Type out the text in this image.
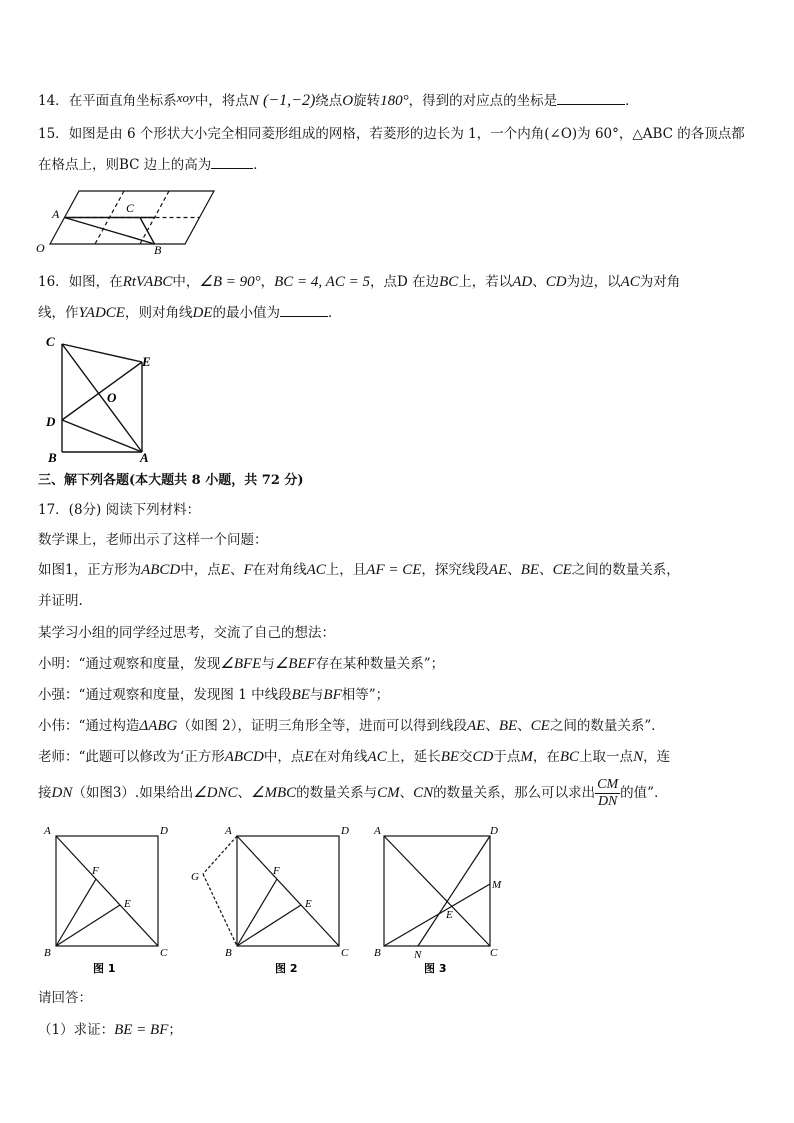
14．在平面直角坐标系xoy中，将点N (−1,−2)绕点O旋转180°，得到的对应点的坐标是	．
15．如图是由 6 个形状大小完全相同菱形组成的网格，若菱形的边长为 1，一个内角(∠O)为 60°，△ABC 的各顶点都
在格点上，则BC 边上的高为	．
A	C
O	B
16．如图，在RtVABC中，∠B = 90°，BC = 4, AC = 5，点D 在边BC上，若以AD、CD为边，以AC为对角
线，作YADCE，则对角线DE的最小值为	．
C
E
O
D
B	A
三、解下列各题(本大题共 8 小题，共 72 分)
17．(8分) 阅读下列材料：
数学课上，老师出示了这样一个问题：
如图1，正方形为ABCD中，点E、F在对角线AC上，且AF = CE，探究线段AE、BE、CE之间的数量关系，
并证明.
某学习小组的同学经过思考，交流了自己的想法：
小明：“通过观察和度量，发现∠BFE与∠BEF存在某种数量关系”；
小强：“通过观察和度量，发现图 1 中线段BE与BF相等”；
小伟：“通过构造ΔABG（如图 2），证明三角形全等，进而可以得到线段AE、BE、CE之间的数量关系”．
老师：“此题可以修改为‘正方形ABCD中，点E在对角线AC上，延长BE交CD于点M，在BC上取一点N，连
接DN（如图3）.如果给出∠DNC、∠MBC的数量关系与CM、CN的数量关系，那么可以求出 $\frac{CM}{DN}$ 的值”．
A	D
B	C
F
E
图 1
A	D
B	C
F
E
G
图 2
A	D
B	C
N
E
M
图 3
请回答：
（1）求证：BE = BF；
